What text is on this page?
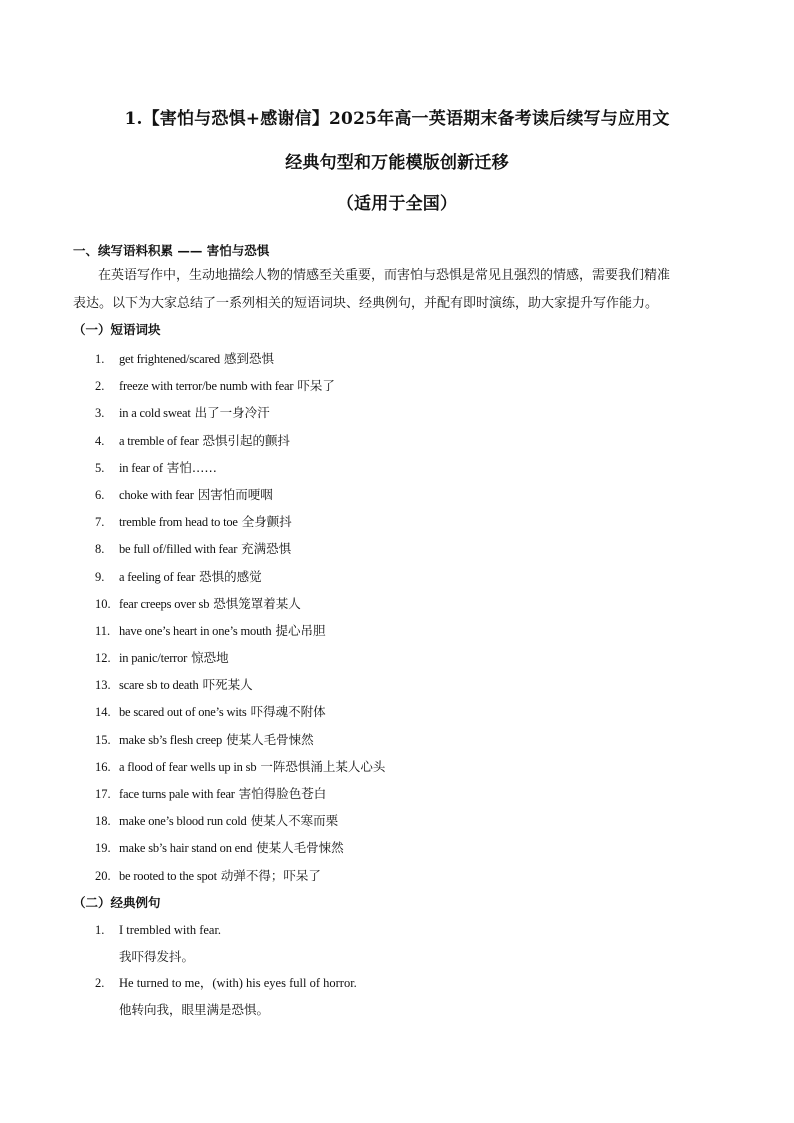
1.【害怕与恐惧+感谢信】2025年高一英语期末备考读后续写与应用文
经典句型和万能模版创新迁移
（适用于全国）
一、续写语料积累 —— 害怕与恐惧
在英语写作中，生动地描绘人物的情感至关重要，而害怕与恐惧是常见且强烈的情感，需要我们精准
表达。以下为大家总结了一系列相关的短语词块、经典例句，并配有即时演练，助大家提升写作能力。
（一）短语词块
1. get frightened/scared 感到恐惧
2. freeze with terror/be numb with fear 吓呆了
3. in a cold sweat 出了一身冷汗
4. a tremble of fear 恐惧引起的颤抖
5. in fear of 害怕……
6. choke with fear 因害怕而哽咽
7. tremble from head to toe 全身颤抖
8. be full of/filled with fear 充满恐惧
9. a feeling of fear 恐惧的感觉
10. fear creeps over sb 恐惧笼罩着某人
11. have one’s heart in one’s mouth 提心吊胆
12. in panic/terror 惊恐地
13. scare sb to death 吓死某人
14. be scared out of one’s wits 吓得魂不附体
15. make sb’s flesh creep 使某人毛骨悚然
16. a flood of fear wells up in sb 一阵恐惧涌上某人心头
17. face turns pale with fear 害怕得脸色苍白
18. make one’s blood run cold 使某人不寒而栗
19. make sb’s hair stand on end 使某人毛骨悚然
20. be rooted to the spot 动弹不得；吓呆了
（二）经典例句
1. I trembled with fear.
我吓得发抖。
2. He turned to me，(with) his eyes full of horror.
他转向我，眼里满是恐惧。
